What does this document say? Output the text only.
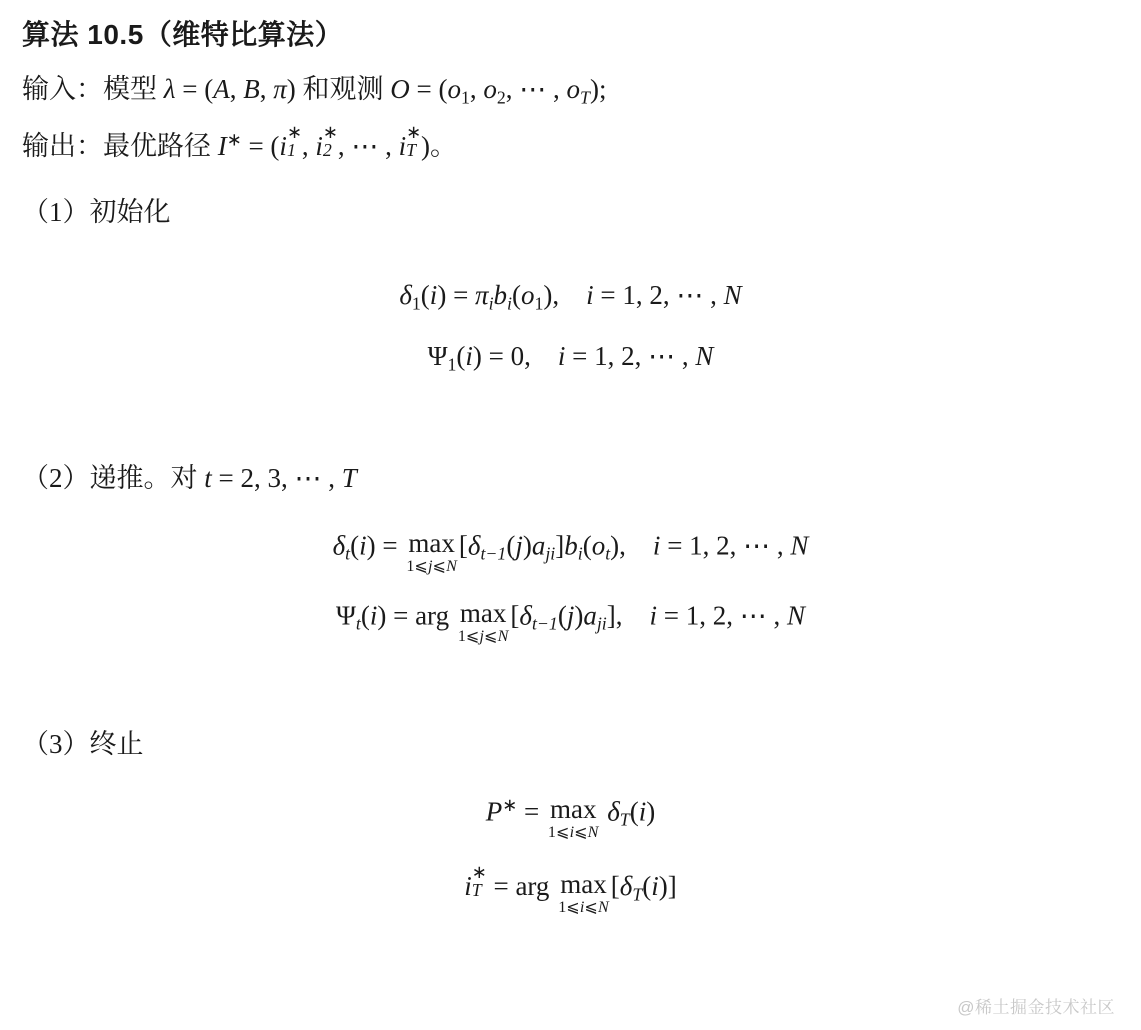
算法 10.5（维特比算法）

输入：模型 λ = (A, B, π) 和观测 O = (o1, o2, ⋯ , $o_T$);

输出：最优路径 I∗ = (i ∗
1 , i ∗
2 , ⋯ , i ∗
T )。

（1）初始化

$\delta 1(i) = \pi_ib_i(o1)$, i = 1, 2, ⋯ , N
Ψ1(i) = 0, i = 1, 2, ⋯ , N

（2）递推。对 t = 2, 3, ⋯ , T

$\delta_t(i) = \max$
1⩽j⩽N
$[\delta_{t-1}(j)a_{ji}]b_i(o_t)$, i = 1, 2, ⋯ , N
$\Psi_t(i)$ = arg max
1⩽j⩽N
$[\delta_{t-1}(j)a_{ji}]$, i = 1, 2, ⋯ , N

（3）终止

P∗ = max
1⩽i⩽N
$\delta_T(i)$
i ∗
T = arg max
1⩽i⩽N
$[\delta_T(i)]$
@稀土掘金技术社区
